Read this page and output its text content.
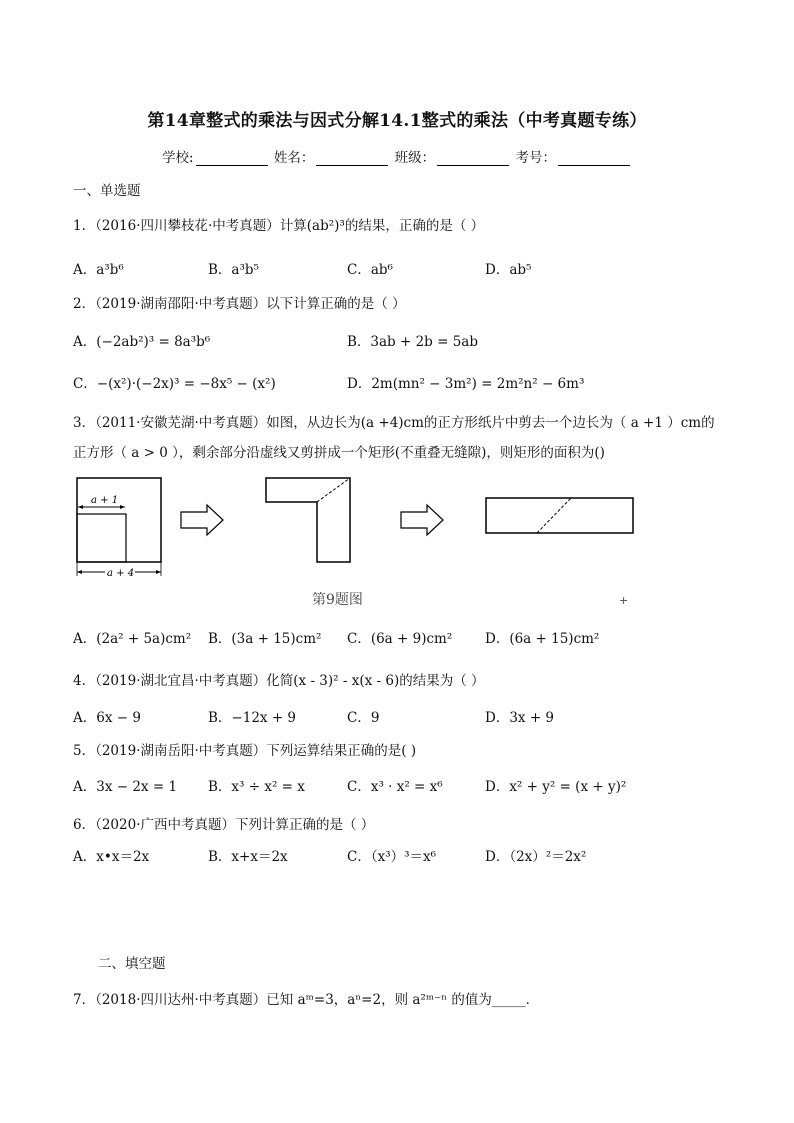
第14章整式的乘法与因式分解14.1整式的乘法（中考真题专练）
学校:	姓名：	班级：	考号：
一、单选题
1．（2016·四川攀枝花·中考真题）计算(ab²)³的结果，正确的是（ ）
A．a³b⁶	B．a³b⁵	C．ab⁶	D．ab⁵
2．（2019·湖南邵阳·中考真题）以下计算正确的是（ ）
A．(−2ab²)³ = 8a³b⁶	B．3ab + 2b = 5ab
C．−(x²)·(−2x)³ = −8x⁵ − (x²)	D．2m(mn² − 3m²) = 2m²n² − 6m³
3．（2011·安徽芜湖·中考真题）如图，从边长为(a +4)cm的正方形纸片中剪去一个边长为（ a +1 ）cm的
正方形（ a > 0 ），剩余部分沿虚线又剪拼成一个矩形(不重叠无缝隙)，则矩形的面积为()
a + 1
a + 4
第9题图	+
A．(2a² + 5a)cm² B．(3a + 15)cm² C．(6a + 9)cm² D．(6a + 15)cm²
4．（2019·湖北宜昌·中考真题）化简(x - 3)² - x(x - 6)的结果为（ ）
A．6x − 9	B．−12x + 9	C．9	D．3x + 9
5．（2019·湖南岳阳·中考真题）下列运算结果正确的是( )
A．3x − 2x = 1 B．x³ ÷ x² = x	C．x³ · x² = x⁶	D．x² + y² = (x + y)²
6．（2020·广西中考真题）下列计算正确的是（ ）
A．x•x＝2x	B．x+x＝2x	C．（x³）³＝x⁶	D．（2x）²＝2x²
二、填空题
7．（2018·四川达州·中考真题）已知 aᵐ=3，aⁿ=2，则 a²ᵐ⁻ⁿ 的值为_____．
